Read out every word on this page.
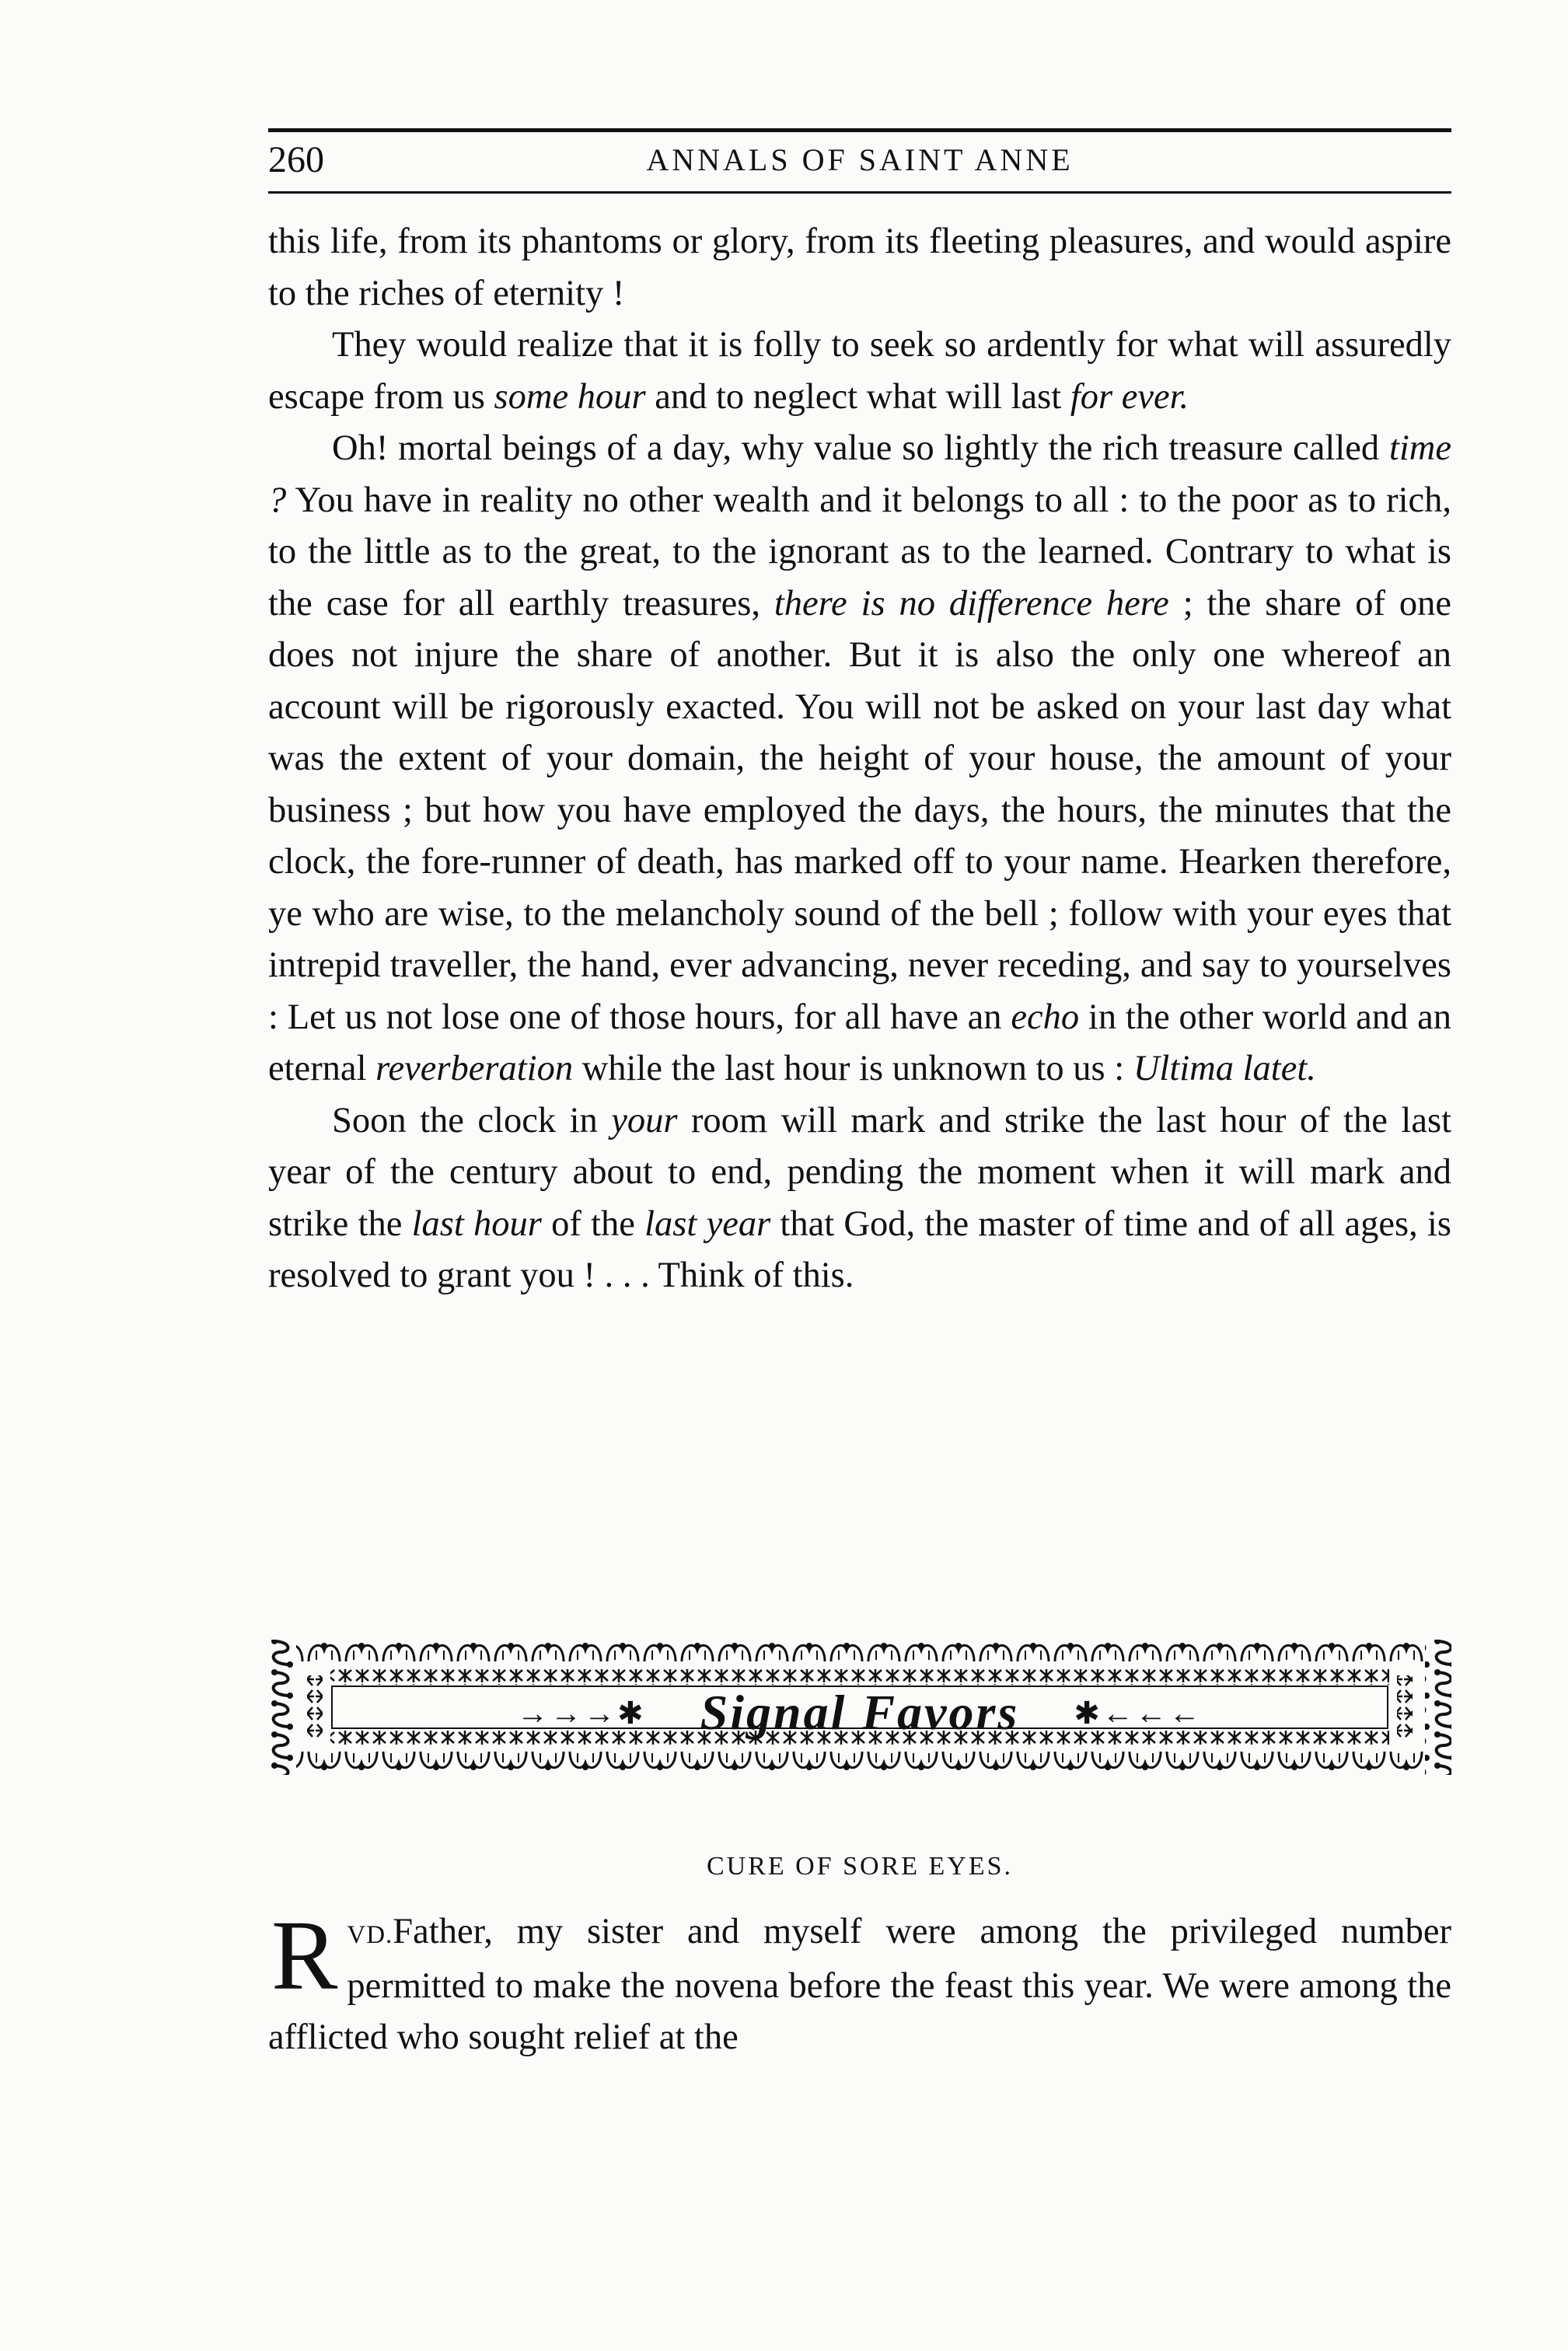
260	ANNALS OF SAINT ANNE

this life, from its phantoms or glory, from its fleeting pleasures, and would aspire to the riches of eternity !

They would realize that it is folly to seek so ardently for what will assuredly escape from us some hour and to neglect what will last for ever.

Oh! mortal beings of a day, why value so lightly the rich treasure called time ? You have in reality no other wealth and it belongs to all : to the poor as to rich, to the little as to the great, to the ignorant as to the learned. Contrary to what is the case for all earthly treasures, there is no difference here ; the share of one does not injure the share of another. But it is also the only one whereof an account will be rigorously exacted. You will not be asked on your last day what was the extent of your domain, the height of your house, the amount of your business ; but how you have employed the days, the hours, the minutes that the clock, the fore-runner of death, has marked off to your name. Hearken therefore, ye who are wise, to the melancholy sound of the bell ; follow with your eyes that intrepid traveller, the hand, ever advancing, never receding, and say to yourselves : Let us not lose one of those hours, for all have an echo in the other world and an eternal reverberation while the last hour is unknown to us : Ultima latet.

Soon the clock in your room will mark and strike the last hour of the last year of the century about to end, pending the moment when it will mark and strike the last hour of the last year that God, the master of time and of all ages, is resolved to grant you ! . . . Think of this.

→→→✱ Signal Favors ✱←←←
CURE OF SORE EYES.
RVD.Father, my sister and myself were among the privileged number permitted to make the novena before the feast this year. We were among the afflicted who sought relief at the
